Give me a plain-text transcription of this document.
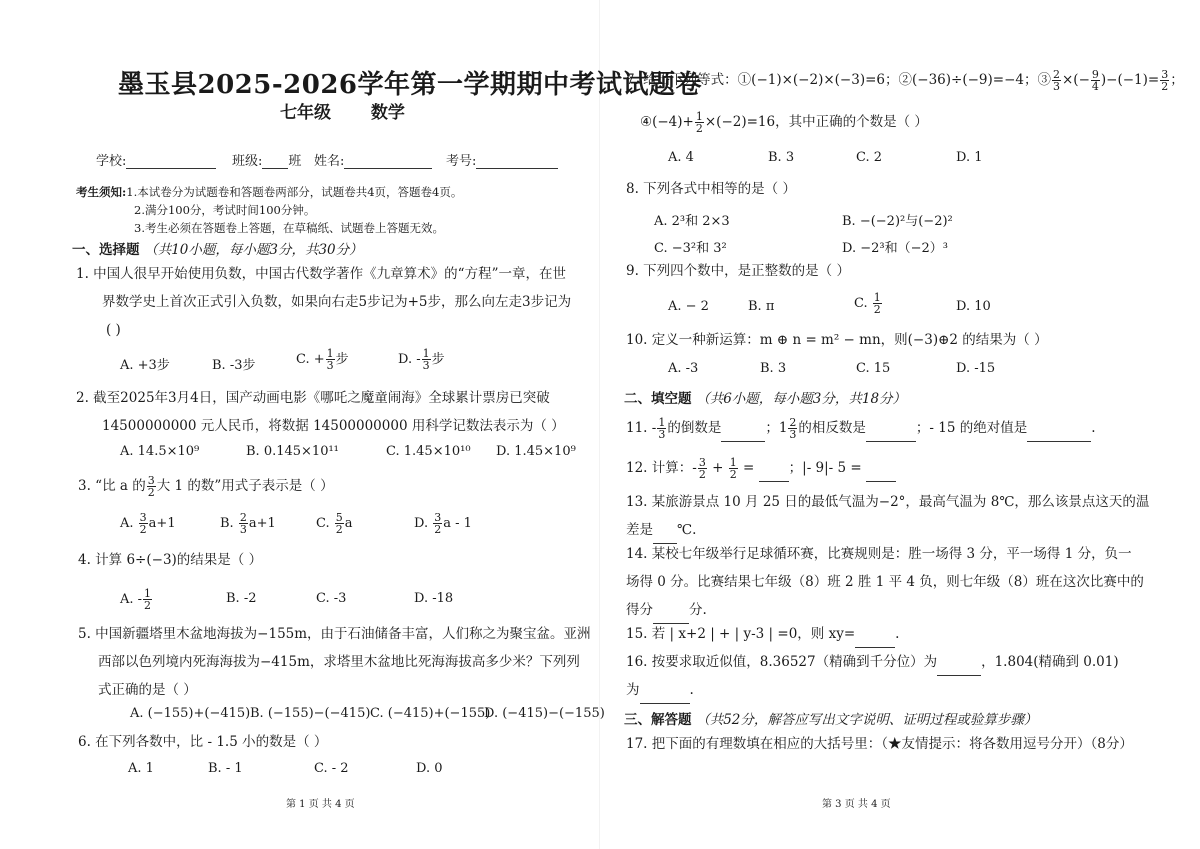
墨玉县2025-2026学年第一学期期中考试试题卷
七年级 数学
学校:	班级: 班 姓名:	考号:
考生须知:1.本试卷分为试题卷和答题卷两部分，试题卷共4页，答题卷4页。
2.满分100分，考试时间100分钟。
3.考生必须在答题卷上答题，在草稿纸、试题卷上答题无效。
一、选择题 （共10小题，每小题3分，共30分）
1. 中国人很早开始使用负数，中国古代数学著作《九章算术》的“方程”一章，在世
界数学史上首次正式引入负数，如果向右走5步记为+5步，那么向左走3步记为
( )
A. +3步	B. -3步	C. + $\frac{1}{3}$ 步	D. - $\frac{1}{3}$ 步
2. 截至2025年3月4日，国产动画电影《哪吒之魔童闹海》全球累计票房已突破
14500000000 元人民币，将数据 14500000000 用科学记数法表示为（ ）
A. 14.5×10⁹	B. 0.145×10¹¹	C. 1.45×10¹⁰ D. 1.45×10⁹
3. “比 a 的 $\frac{3}{2}$ 大 1 的数”用式子表示是（ ）
A. $\frac{3}{2} a+1$	B. $\frac{2}{3} a+1$	C. $\frac{5}{2}$ a	D. $\frac{3}{2}$ a - 1
4. 计算 6÷(−3)的结果是（ ）
A. - $\frac{1}{2}$	B. -2	C. -3	D. -18
5. 中国新疆塔里木盆地海拔为−155m，由于石油储备丰富，人们称之为聚宝盆。亚洲
西部以色列境内死海海拔为−415m，求塔里木盆地比死海海拔高多少米？下列列
式正确的是（ ）
A. (−155)+(−415) B. (−155)−(−415) C. (−415)+(−155)
D. (−415)−(−155)
6. 在下列各数中，比 - 1.5 小的数是（ ）
A. 1	B. - 1	C. - 2	D. 0
第 1 页 共 4 页
7. 给出下列等式：①(−1)×(−2)×(−3)=6；②(−36)÷(−9)=−4；③ $\frac{2}{3}$ ×(− $\frac{9}{4} )-(-1)= \frac{3}{2}$ ；
④(−4)+ $\frac{1}{2} \times(-2)=16$，其中正确的个数是（ ）
A. 4	B. 3	C. 2	D. 1
8. 下列各式中相等的是（ ）
A. 2³和 2×3	B. −(−2)²与(−2)²
C. −3²和 3²	D. −2³和（−2）³
9. 下列四个数中，是正整数的是（ ）
A. − 2	B. π	C. $\frac{1}{2}$	D. 10
10. 定义一种新运算：m ⊕ n = m² − mn，则(−3)⊕2 的结果为（ ）
A. -3	B. 3	C. 15	D. -15
二、填空题 （共6小题，每小题3分，共18分）
11. - $\frac{1}{3}$ 的倒数是	；$1 \frac{2}{3}$ 的相反数是	；- 15 的绝对值是	.
12. 计算：- $\frac{3}{2} + \frac{1}{2}$ =	；|- 9|- 5 =
13. 某旅游景点 10 月 25 日的最低气温为−2°，最高气温为 8℃，那么该景点这天的温
差是 ℃.
14. 某校七年级举行足球循环赛，比赛规则是：胜一场得 3 分，平一场得 1 分，负一
场得 0 分。比赛结果七年级（8）班 2 胜 1 平 4 负，则七年级（8）班在这次比赛中的
得分	分.
15. 若 | x+2 | + | y-3 | =0，则 xy=	.
16. 按要求取近似值，8.36527（精确到千分位）为	，1.804(精确到 0.01)
为	.
三、解答题 （共52分，解答应写出文字说明、证明过程或验算步骤）
17. 把下面的有理数填在相应的大括号里：（★友情提示：将各数用逗号分开）（8分）
第 3 页 共 4 页
